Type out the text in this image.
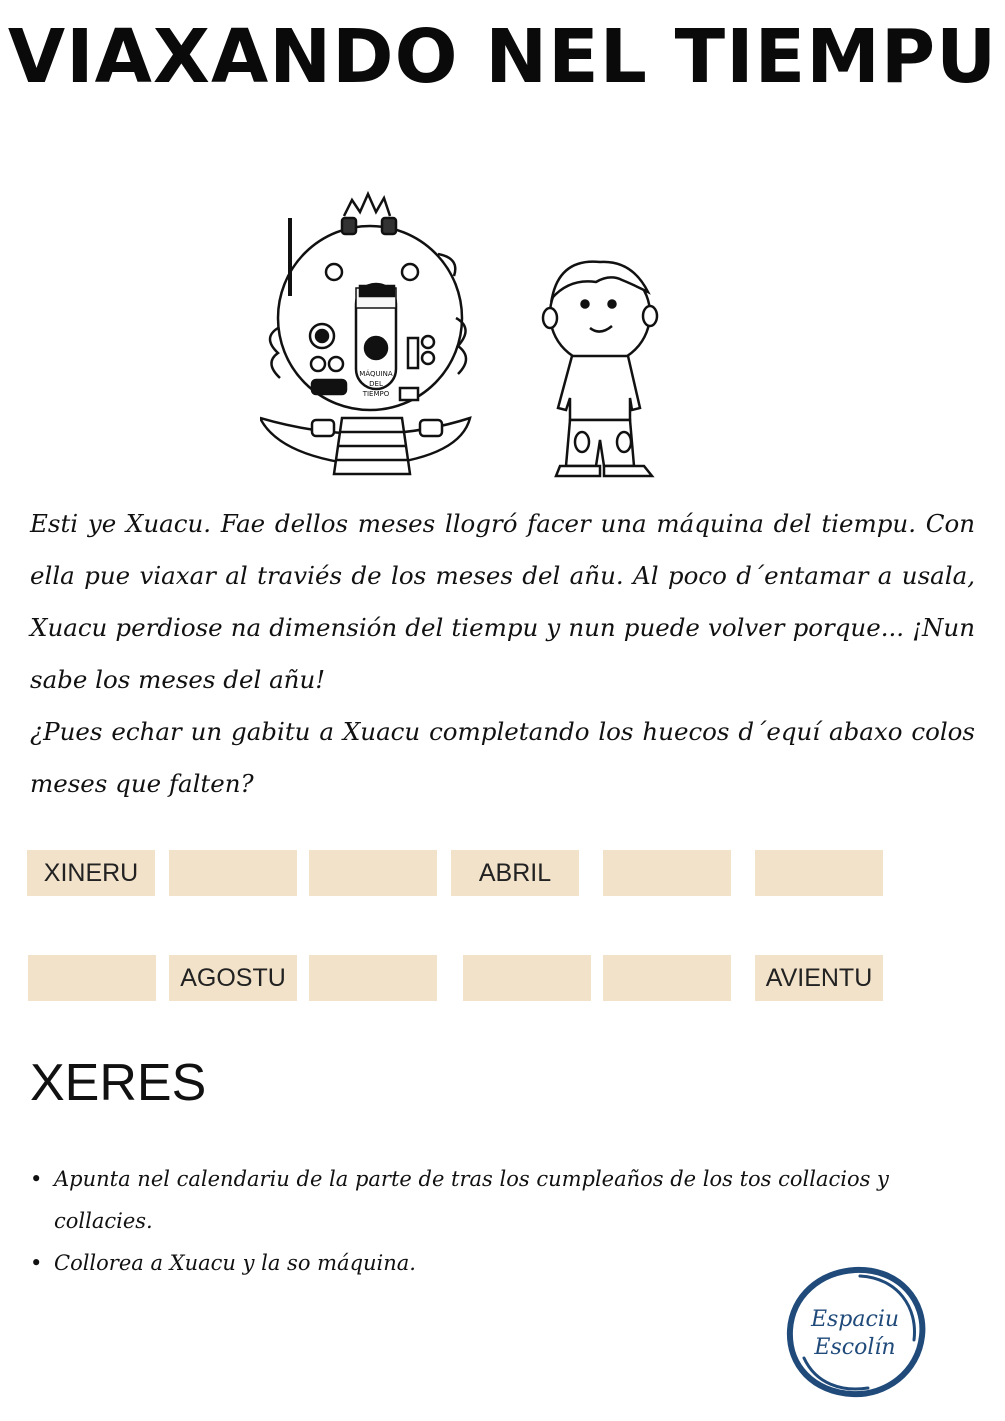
VIAXANDO NEL TIEMPU
MÁQUINA
DEL
TIEMPO

Esti ye Xuacu. Fae dellos meses llogró facer una máquina del tiempu. Con ella pue viaxar al traviés de los meses del añu. Al poco d´entamar a usala, Xuacu perdiose na dimensión del tiempu y nun puede volver porque... ¡Nun sabe los meses del añu!

¿Pues echar un gabitu a Xuacu completando los huecos d´equí abaxo colos meses que falten?

XINERU	ABRIL
AGOSTU	AVIENTU
XERES
• Apunta nel calendariu de la parte de tras los cumpleaños de los tos collacios y collacies.
• Collorea a Xuacu y la so máquina.
Espaciu
Escolín
